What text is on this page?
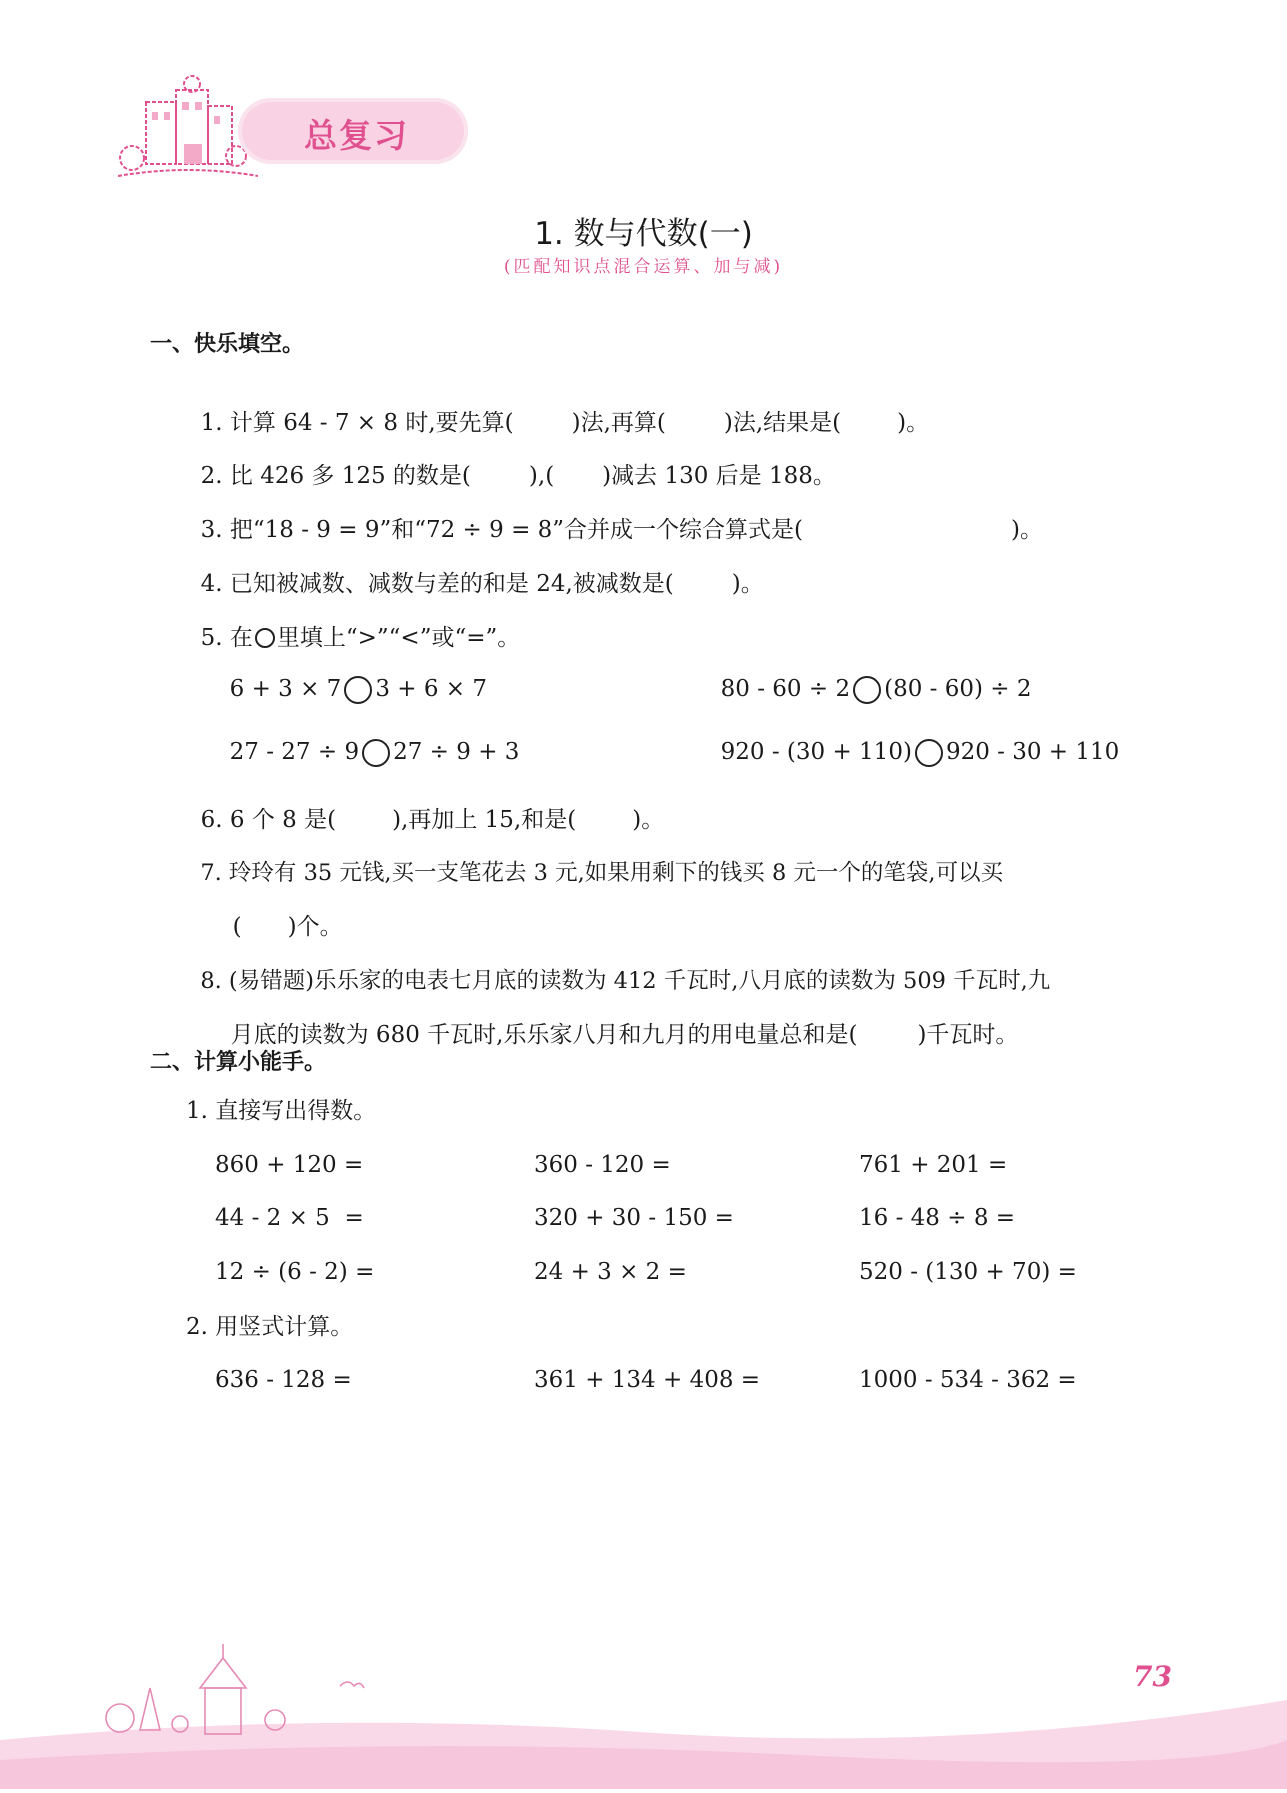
总复习
1. 数与代数(一)
(匹配知识点混合运算、加与减)
一、快乐填空。

1. 计算 64 - 7 × 8 时,要先算(	)法,再算(	)法,结果是( )。

2. 比 426 多 125 的数是(	),( )减去 130 后是 188。

3. 把“18 - 9 = 9”和“72 ÷ 9 = 8”合并成一个综合算式是(	)。

4. 已知被减数、减数与差的和是 24,被减数是(	)。

5. 在 里填上“>”“<”或“=”。

6 + 3 × 7 3 + 6 × 7	80 - 60 ÷ 2 (80 - 60) ÷ 2

27 - 27 ÷ 9 27 ÷ 9 + 3	920 - (30 + 110) 920 - 30 + 110

6. 6 个 8 是( ),再加上 15,和是( )。

7. 玲玲有 35 元钱,买一支笔花去 3 元,如果用剩下的钱买 8 元一个的笔袋,可以买

( )个。

8. (易错题)乐乐家的电表七月底的读数为 412 千瓦时,八月底的读数为 509 千瓦时,九

月底的读数为 680 千瓦时,乐乐家八月和九月的用电量总和是(	)千瓦时。

二、计算小能手。
1. 直接写出得数。
860 + 120 =	360 - 120 =	761 + 201 =
44 - 2 × 5  =	320 + 30 - 150 =	16 - 48 ÷ 8 =
12 ÷ (6 - 2) =	24 + 3 × 2 =	520 - (130 + 70) =
2. 用竖式计算。
636 - 128 =	361 + 134 + 408 =	1000 - 534 - 362 =
73
